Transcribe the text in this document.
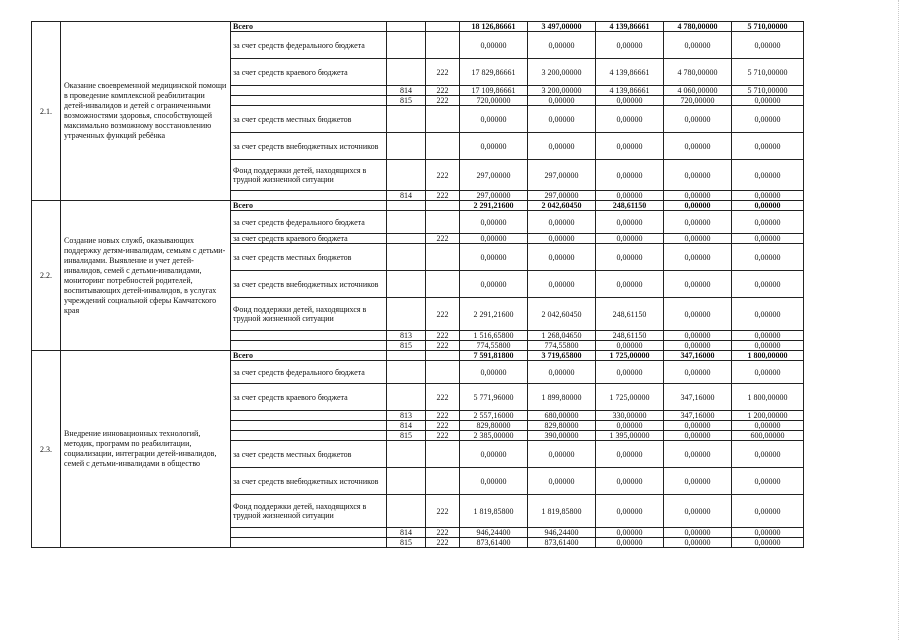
2.1.	Оказание своевременной медицинской помощи в проведение комплексной реабилитации детей-инвалидов и детей с ограниченными возможностями здоровья, способствующей максимально возможному восстановлению утраченных функций ребёнка	Всего			18 126,86661	3 497,00000	4 139,86661	4 780,00000	5 710,00000
		за счет средств федерального бюджета			0,00000	0,00000	0,00000	0,00000	0,00000
		за счет средств краевого бюджета		222	17 829,86661	3 200,00000	4 139,86661	4 780,00000	5 710,00000
			814	222	17 109,86661	3 200,00000	4 139,86661	4 060,00000	5 710,00000
			815	222	720,00000	0,00000	0,00000	720,00000	0,00000
		за счет средств местных бюджетов			0,00000	0,00000	0,00000	0,00000	0,00000
		за счет средств внебюджетных источников			0,00000	0,00000	0,00000	0,00000	0,00000
		Фонд поддержки детей, находящихся в трудной жизненной ситуации		222	297,00000	297,00000	0,00000	0,00000	0,00000
			814	222	297,00000	297,00000	0,00000	0,00000	0,00000
2.2.	Создание новых служб, оказывающих поддержку детям-инвалидам, семьям с детьми-инвалидами. Выявление и учет детей-инвалидов, семей с детьми-инвалидами, мониторинг потребностей родителей, воспитывающих детей-инвалидов, в услугах учреждений социальной сферы Камчатского края	Всего			2 291,21600	2 042,60450	248,61150	0,00000	0,00000
		за счет средств федерального бюджета			0,00000	0,00000	0,00000	0,00000	0,00000
		за счет средств краевого бюджета		222	0,00000	0,00000	0,00000	0,00000	0,00000
		за счет средств местных бюджетов			0,00000	0,00000	0,00000	0,00000	0,00000
		за счет средств внебюджетных источников			0,00000	0,00000	0,00000	0,00000	0,00000
		Фонд поддержки детей, находящихся в трудной жизненной ситуации		222	2 291,21600	2 042,60450	248,61150	0,00000	0,00000
			813	222	1 516,65800	1 268,04650	248,61150	0,00000	0,00000
			815	222	774,55800	774,55800	0,00000	0,00000	0,00000
2.3.	Внедрение инновационных технологий, методик, программ по реабилитации, социализации, интеграции детей-инвалидов, семей с детьми-инвалидами в общество	Всего			7 591,81800	3 719,65800	1 725,00000	347,16000	1 800,00000
		за счет средств федерального бюджета			0,00000	0,00000	0,00000	0,00000	0,00000
		за счет средств краевого бюджета		222	5 771,96000	1 899,80000	1 725,00000	347,16000	1 800,00000
			813	222	2 557,16000	680,00000	330,00000	347,16000	1 200,00000
			814	222	829,80000	829,80000	0,00000	0,00000	0,00000
			815	222	2 385,00000	390,00000	1 395,00000	0,00000	600,00000
		за счет средств местных бюджетов			0,00000	0,00000	0,00000	0,00000	0,00000
		за счет средств внебюджетных источников			0,00000	0,00000	0,00000	0,00000	0,00000
		Фонд поддержки детей, находящихся в трудной жизненной ситуации		222	1 819,85800	1 819,85800	0,00000	0,00000	0,00000
			814	222	946,24400	946,24400	0,00000	0,00000	0,00000
			815	222	873,61400	873,61400	0,00000	0,00000	0,00000
